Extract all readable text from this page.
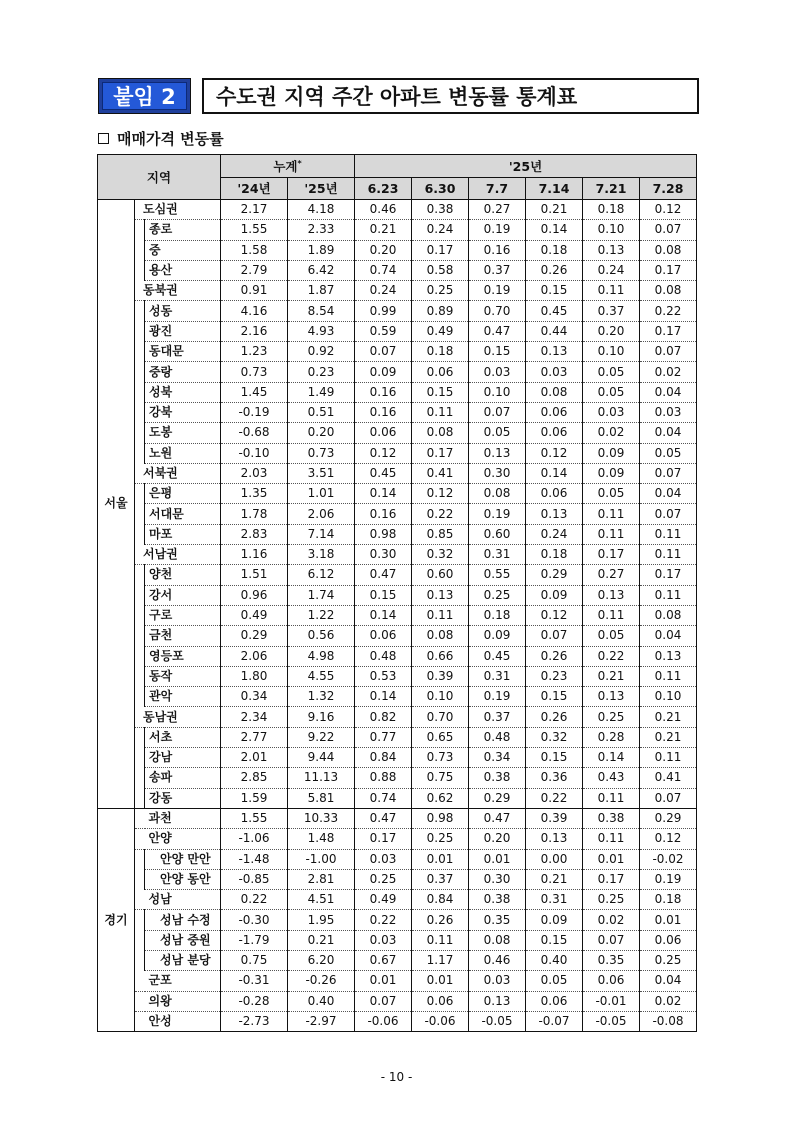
붙임 2	수도권 지역 주간 아파트 변동률 통계표
매매가격 변동률
지역			누계*		'25년					
			'24년	'25년	6.23	6.30	7.7	7.14	7.21	7.28
서울	도심권		2.17	4.18	0.46	0.38	0.27	0.21	0.18	0.12
		종로	1.55	2.33	0.21	0.24	0.19	0.14	0.10	0.07
		중	1.58	1.89	0.20	0.17	0.16	0.18	0.13	0.08
		용산	2.79	6.42	0.74	0.58	0.37	0.26	0.24	0.17
	동북권		0.91	1.87	0.24	0.25	0.19	0.15	0.11	0.08
		성동	4.16	8.54	0.99	0.89	0.70	0.45	0.37	0.22
		광진	2.16	4.93	0.59	0.49	0.47	0.44	0.20	0.17
		동대문	1.23	0.92	0.07	0.18	0.15	0.13	0.10	0.07
		중랑	0.73	0.23	0.09	0.06	0.03	0.03	0.05	0.02
		성북	1.45	1.49	0.16	0.15	0.10	0.08	0.05	0.04
		강북	-0.19	0.51	0.16	0.11	0.07	0.06	0.03	0.03
		도봉	-0.68	0.20	0.06	0.08	0.05	0.06	0.02	0.04
		노원	-0.10	0.73	0.12	0.17	0.13	0.12	0.09	0.05
	서북권		2.03	3.51	0.45	0.41	0.30	0.14	0.09	0.07
		은평	1.35	1.01	0.14	0.12	0.08	0.06	0.05	0.04
		서대문	1.78	2.06	0.16	0.22	0.19	0.13	0.11	0.07
		마포	2.83	7.14	0.98	0.85	0.60	0.24	0.11	0.11
	서남권		1.16	3.18	0.30	0.32	0.31	0.18	0.17	0.11
		양천	1.51	6.12	0.47	0.60	0.55	0.29	0.27	0.17
		강서	0.96	1.74	0.15	0.13	0.25	0.09	0.13	0.11
		구로	0.49	1.22	0.14	0.11	0.18	0.12	0.11	0.08
		금천	0.29	0.56	0.06	0.08	0.09	0.07	0.05	0.04
		영등포	2.06	4.98	0.48	0.66	0.45	0.26	0.22	0.13
		동작	1.80	4.55	0.53	0.39	0.31	0.23	0.21	0.11
		관악	0.34	1.32	0.14	0.10	0.19	0.15	0.13	0.10
	동남권		2.34	9.16	0.82	0.70	0.37	0.26	0.25	0.21
		서초	2.77	9.22	0.77	0.65	0.48	0.32	0.28	0.21
		강남	2.01	9.44	0.84	0.73	0.34	0.15	0.14	0.11
		송파	2.85	11.13	0.88	0.75	0.38	0.36	0.43	0.41
		강동	1.59	5.81	0.74	0.62	0.29	0.22	0.11	0.07
경기		과천	1.55	10.33	0.47	0.98	0.47	0.39	0.38	0.29
		안양	-1.06	1.48	0.17	0.25	0.20	0.13	0.11	0.12
		안양 만안	-1.48	-1.00	0.03	0.01	0.01	0.00	0.01	-0.02
		안양 동안	-0.85	2.81	0.25	0.37	0.30	0.21	0.17	0.19
		성남	0.22	4.51	0.49	0.84	0.38	0.31	0.25	0.18
		성남 수정	-0.30	1.95	0.22	0.26	0.35	0.09	0.02	0.01
		성남 중원	-1.79	0.21	0.03	0.11	0.08	0.15	0.07	0.06
		성남 분당	0.75	6.20	0.67	1.17	0.46	0.40	0.35	0.25
		군포	-0.31	-0.26	0.01	0.01	0.03	0.05	0.06	0.04
		의왕	-0.28	0.40	0.07	0.06	0.13	0.06	-0.01	0.02
		안성	-2.73	-2.97	-0.06	-0.06	-0.05	-0.07	-0.05	-0.08
- 10 -
